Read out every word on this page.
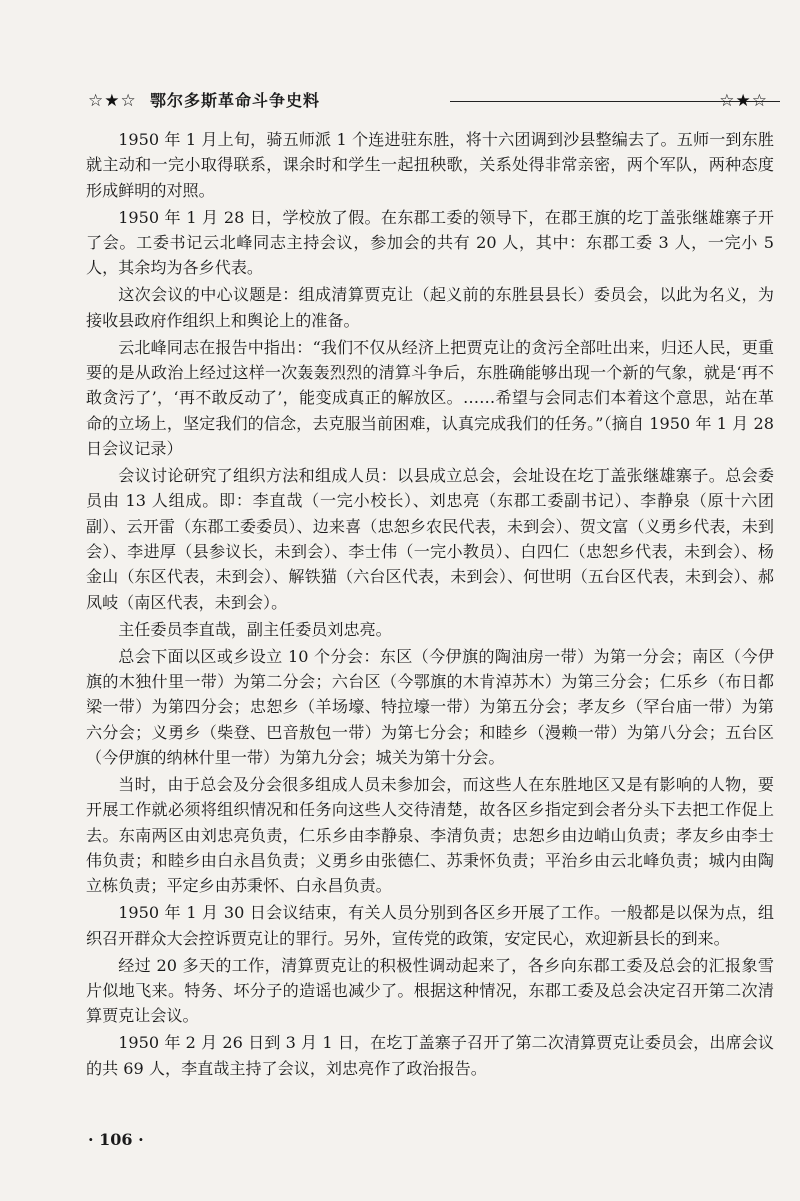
☆★☆ 鄂尔多斯革命斗争史料	☆★☆

1950 年 1 月上旬，骑五师派 1 个连进驻东胜，将十六团调到沙县整编去了。五师一到东胜就主动和一完小取得联系，课余时和学生一起扭秧歌，关系处得非常亲密，两个军队，两种态度形成鲜明的对照。

1950 年 1 月 28 日，学校放了假。在东郡工委的领导下，在郡王旗的圪丁盖张继雄寨子开了会。工委书记云北峰同志主持会议，参加会的共有 20 人，其中：东郡工委 3 人，一完小 5 人，其余均为各乡代表。

这次会议的中心议题是：组成清算贾克让（起义前的东胜县县长）委员会，以此为名义，为接收县政府作组织上和舆论上的准备。

云北峰同志在报告中指出：“我们不仅从经济上把贾克让的贪污全部吐出来，归还人民，更重要的是从政治上经过这样一次轰轰烈烈的清算斗争后，东胜确能够出现一个新的气象，就是‘再不敢贪污了’，‘再不敢反动了’，能变成真正的解放区。……希望与会同志们本着这个意思，站在革命的立场上，坚定我们的信念，去克服当前困难，认真完成我们的任务。”（摘自 1950 年 1 月 28 日会议记录）

会议讨论研究了组织方法和组成人员：以县成立总会，会址设在圪丁盖张继雄寨子。总会委员由 13 人组成。即：李直哉（一完小校长）、刘忠亮（东郡工委副书记）、李静泉（原十六团副）、云开雷（东郡工委委员）、边来喜（忠恕乡农民代表，未到会）、贺文富（义勇乡代表，未到会）、李进厚（县参议长，未到会）、李士伟（一完小教员）、白四仁（忠恕乡代表，未到会）、杨金山（东区代表，未到会）、解铁猫（六台区代表，未到会）、何世明（五台区代表，未到会）、郝凤岐（南区代表，未到会）。

主任委员李直哉，副主任委员刘忠亮。

总会下面以区或乡设立 10 个分会：东区（今伊旗的陶油房一带）为第一分会；南区（今伊旗的木独什里一带）为第二分会；六台区（今鄂旗的木肯淖苏木）为第三分会；仁乐乡（布日都梁一带）为第四分会；忠恕乡（羊场壕、特拉壕一带）为第五分会；孝友乡（罕台庙一带）为第六分会；义勇乡（柴登、巴音敖包一带）为第七分会；和睦乡（漫赖一带）为第八分会；五台区（今伊旗的纳林什里一带）为第九分会；城关为第十分会。

当时，由于总会及分会很多组成人员未参加会，而这些人在东胜地区又是有影响的人物，要开展工作就必须将组织情况和任务向这些人交待清楚，故各区乡指定到会者分头下去把工作促上去。东南两区由刘忠亮负责，仁乐乡由李静泉、李清负责；忠恕乡由边峭山负责；孝友乡由李士伟负责；和睦乡由白永昌负责；义勇乡由张德仁、苏秉怀负责；平治乡由云北峰负责；城内由陶立栋负责；平定乡由苏秉怀、白永昌负责。

1950 年 1 月 30 日会议结束，有关人员分别到各区乡开展了工作。一般都是以保为点，组织召开群众大会控诉贾克让的罪行。另外，宣传党的政策，安定民心，欢迎新县长的到来。

经过 20 多天的工作，清算贾克让的积极性调动起来了，各乡向东郡工委及总会的汇报象雪片似地飞来。特务、坏分子的造谣也减少了。根据这种情况，东郡工委及总会决定召开第二次清算贾克让会议。

1950 年 2 月 26 日到 3 月 1 日，在圪丁盖寨子召开了第二次清算贾克让委员会，出席会议的共 69 人，李直哉主持了会议，刘忠亮作了政治报告。

· 106 ·
